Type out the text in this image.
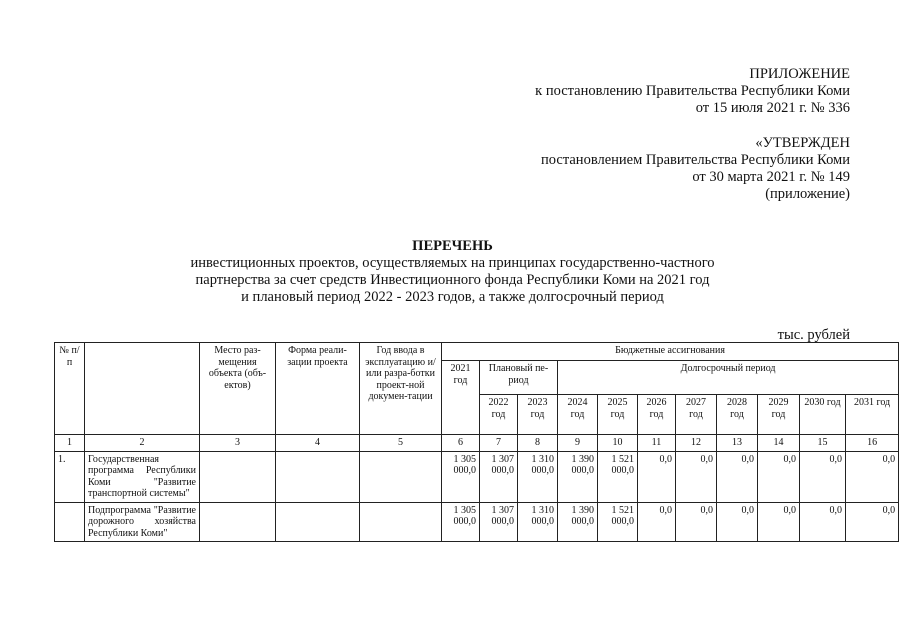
ПРИЛОЖЕНИЕ
к постановлению Правительства Республики Коми
от 15 июля 2021 г. № 336
«УТВЕРЖДЕН
постановлением Правительства Республики Коми
от 30 марта 2021 г. № 149
(приложение)
ПЕРЕЧЕНЬ
инвестиционных проектов, осуществляемых на принципах государственно-частного
партнерства за счет средств Инвестиционного фонда Республики Коми на 2021 год
и плановый период 2022 - 2023 годов, а также долгосрочный период
тыс. рублей
№ п/п		Место раз-мещения объекта (объ-ектов)	Форма реали-зации проекта	Год ввода в эксплуатацию и/или разра-ботки проект-ной докумен-тации	Бюджетные ассигнования										
					2021 год	Плановый пе-риод		Долгосрочный период							
						2022 год	2023 год	2024 год	2025 год	2026 год	2027 год	2028 год	2029 год	2030 год	2031 год
1	2	3	4	5	6	7	8	9	10	11	12	13	14	15	16
1.	Государственная программа Республики Коми "Развитие транспортной системы"				1 305 000,0	1 307 000,0	1 310 000,0	1 390 000,0	1 521 000,0	0,0	0,0	0,0	0,0	0,0	0,0
	Подпрограмма "Развитие дорожного хозяйства Республики Коми"				1 305 000,0	1 307 000,0	1 310 000,0	1 390 000,0	1 521 000,0	0,0	0,0	0,0	0,0	0,0	0,0
